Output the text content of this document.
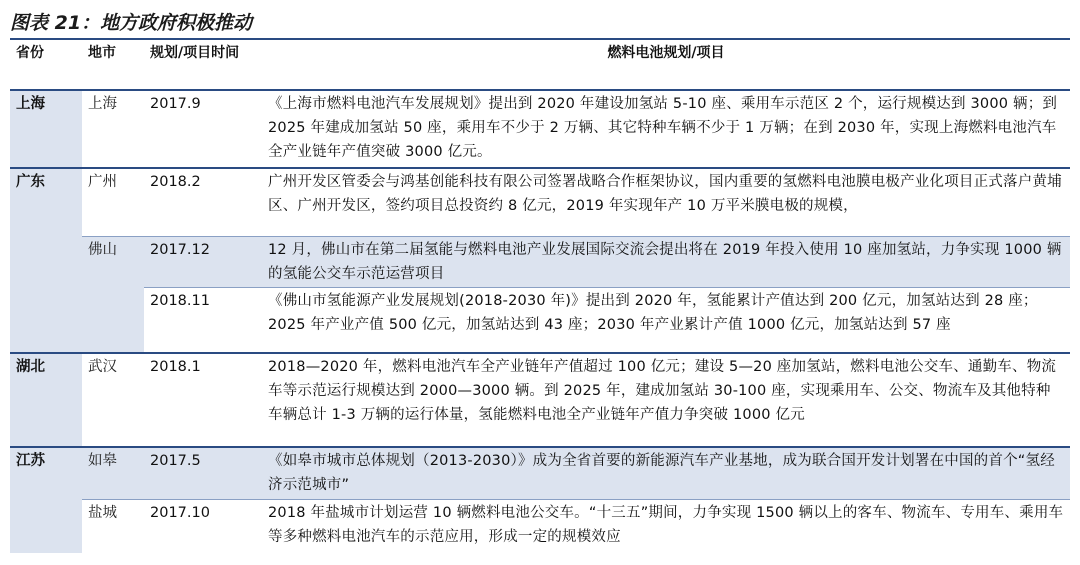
图表 21：地方政府积极推动
省份	地市	规划/项目时间	燃料电池规划/项目
上海	上海	2017.9	《上海市燃料电池汽车发展规划》提出到 2020 年建设加氢站 5-10 座、乘用车示范区 2 个，运行规模达到 3000 辆；到 2025 年建成加氢站 50 座，乘用车不少于 2 万辆、其它特种车辆不少于 1 万辆；在到 2030 年，实现上海燃料电池汽车全产业链年产值突破 3000 亿元。
广东	广州	2018.2	广州开发区管委会与鸿基创能科技有限公司签署战略合作框架协议，国内重要的氢燃料电池膜电极产业化项目正式落户黄埔区、广州开发区，签约项目总投资约 8 亿元，2019 年实现年产 10 万平米膜电极的规模，
	佛山	2017.12	12 月，佛山市在第二届氢能与燃料电池产业发展国际交流会提出将在 2019 年投入使用 10 座加氢站，力争实现 1000 辆的氢能公交车示范运营项目
		2018.11	《佛山市氢能源产业发展规划(2018-2030 年)》提出到 2020 年，氢能累计产值达到 200 亿元，加氢站达到 28 座；2025 年产业产值 500 亿元，加氢站达到 43 座；2030 年产业累计产值 1000 亿元，加氢站达到 57 座
湖北	武汉	2018.1	2018—2020 年，燃料电池汽车全产业链年产值超过 100 亿元；建设 5—20 座加氢站，燃料电池公交车、通勤车、物流车等示范运行规模达到 2000—3000 辆。到 2025 年，建成加氢站 30-100 座，实现乘用车、公交、物流车及其他特种车辆总计 1-3 万辆的运行体量，氢能燃料电池全产业链年产值力争突破 1000 亿元
江苏	如皋	2017.5	《如皋市城市总体规划（2013-2030）》成为全省首要的新能源汽车产业基地，成为联合国开发计划署在中国的首个“氢经济示范城市”
	盐城	2017.10	2018 年盐城市计划运营 10 辆燃料电池公交车。“十三五”期间，力争实现 1500 辆以上的客车、物流车、专用车、乘用车等多种燃料电池汽车的示范应用，形成一定的规模效应
